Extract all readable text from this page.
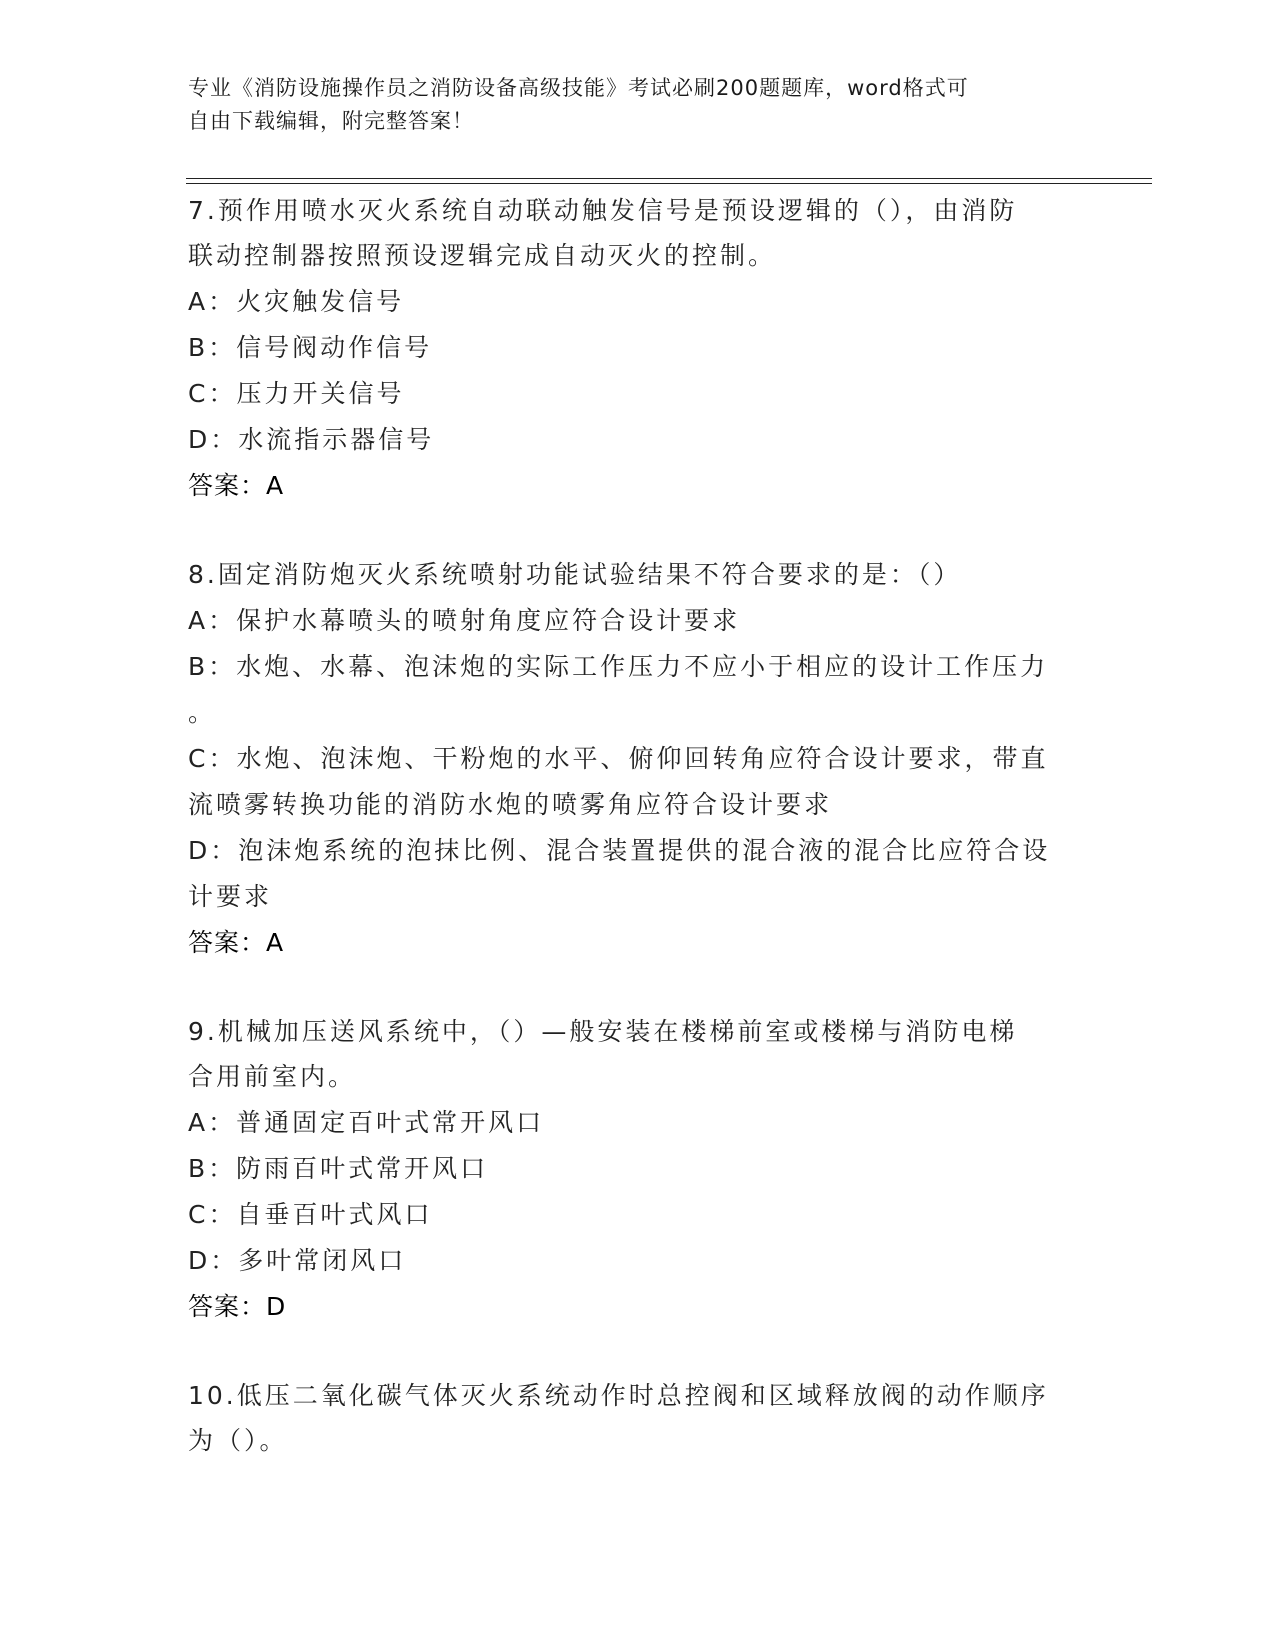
专业《消防设施操作员之消防设备高级技能》考试必刷200题题库，word格式可
自由下载编辑，附完整答案！

7.预作用喷水灭火系统自动联动触发信号是预设逻辑的（），由消防

联动控制器按照预设逻辑完成自动灭火的控制。

A：火灾触发信号

B：信号阀动作信号

C：压力开关信号

D：水流指示器信号

答案：A

8.固定消防炮灭火系统喷射功能试验结果不符合要求的是：（）

A：保护水幕喷头的喷射角度应符合设计要求

B：水炮、水幕、泡沫炮的实际工作压力不应小于相应的设计工作压力

。

C：水炮、泡沫炮、干粉炮的水平、俯仰回转角应符合设计要求，带直

流喷雾转换功能的消防水炮的喷雾角应符合设计要求

D：泡沫炮系统的泡抹比例、混合装置提供的混合液的混合比应符合设

计要求

答案：A

9.机械加压送风系统中，（）—般安装在楼梯前室或楼梯与消防电梯

合用前室内。

A：普通固定百叶式常开风口

B：防雨百叶式常开风口

C：自垂百叶式风口

D：多叶常闭风口

答案：D

10.低压二氧化碳气体灭火系统动作时总控阀和区域释放阀的动作顺序

为（）。
